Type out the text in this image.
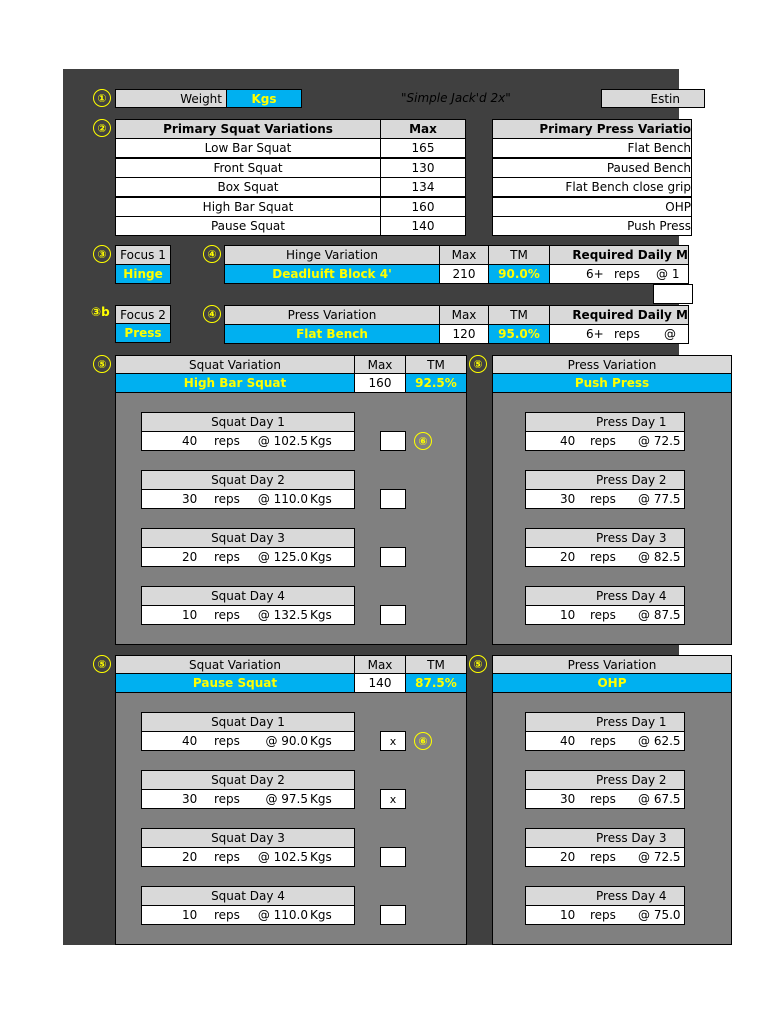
①	Weight	Kgs	"Simple Jack'd 2x"	Estin
②	Primary Squat Variations	Max
Low Bar Squat	165
Front Squat	130
Box Squat	134
High Bar Squat	160
Pause Squat	140
Primary Press Variatio
Flat Bench
Paused Bench
Flat Bench close grip
OHP
Push Press
③	Focus 1
Hinge
④	Hinge Variation	Max	TM	Required Daily M
Deadluift Block 4'	210	90.0%	6+ reps @ 1
③b Focus 2
Press
④	Press Variation	Max	TM	Required Daily M
Flat Bench	120	95.0%	6+ reps @
⑤	Squat Variation	Max	TM
High Bar Squat	160	92.5%
Squat Day 1
40 reps	@ 102.5 Kgs	⑥
Squat Day 2
30 reps	@ 110.0 Kgs
Squat Day 3
20 reps	@ 125.0 Kgs
Squat Day 4
10 reps	@ 132.5 Kgs
⑤	Press Variation
Push Press
Press Day 1
40 reps @ 72.5
Press Day 2
30 reps @ 77.5
Press Day 3
20 reps @ 82.5
Press Day 4
10 reps @ 87.5
⑤	Squat Variation	Max	TM
Pause Squat	140	87.5%
Squat Day 1
40 reps	@ 90.0 Kgs	x	⑥
Squat Day 2
30 reps	@ 97.5 Kgs	x
Squat Day 3
20 reps	@ 102.5 Kgs
Squat Day 4
10 reps	@ 110.0 Kgs
⑤	Press Variation
OHP
Press Day 1
40 reps @ 62.5
Press Day 2
30 reps @ 67.5
Press Day 3
20 reps @ 72.5
Press Day 4
10 reps @ 75.0
